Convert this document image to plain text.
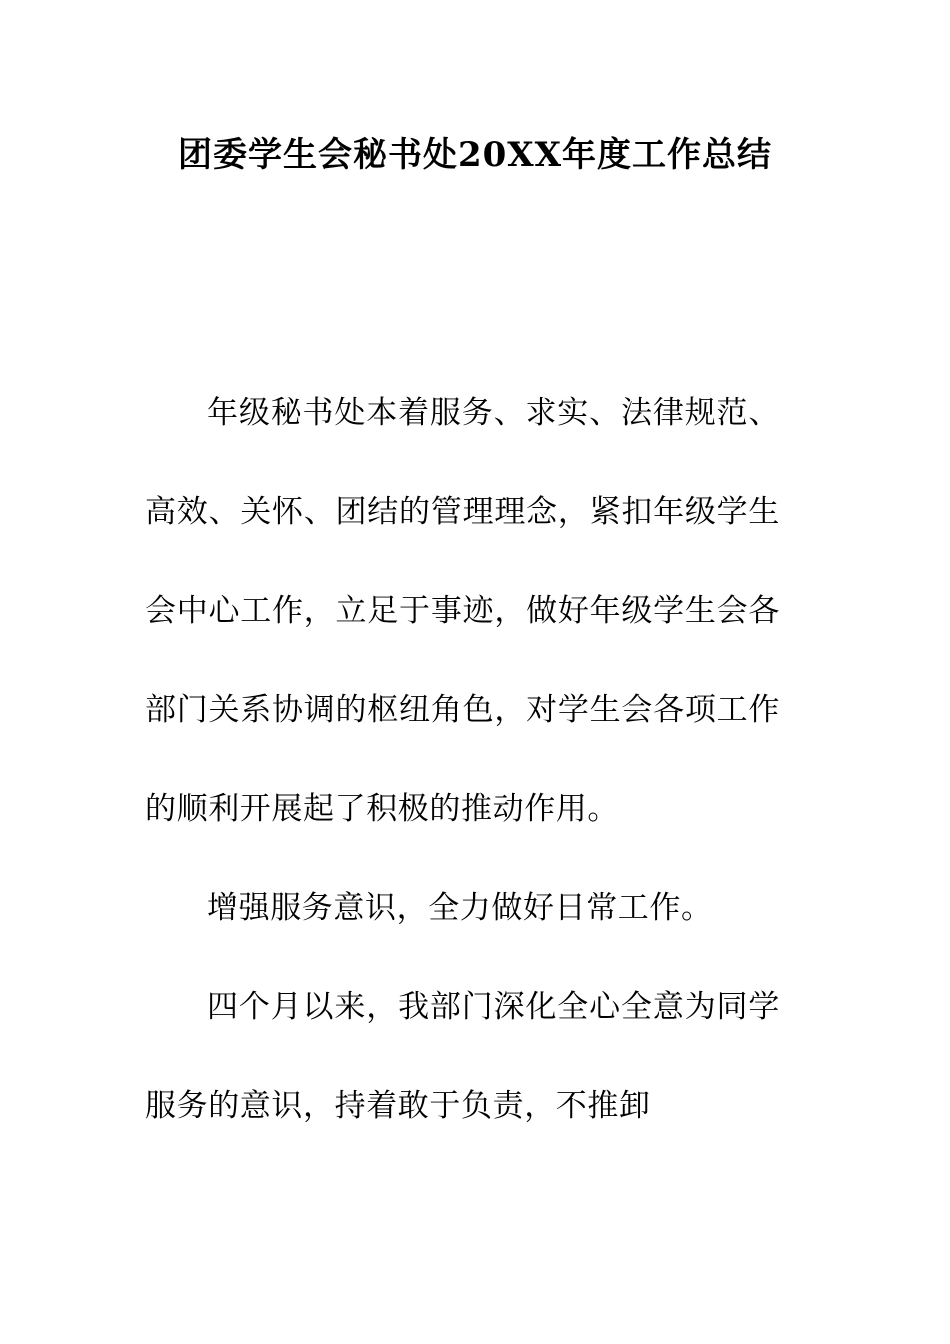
团委学生会秘书处20XX年度工作总结

年级秘书处本着服务、求实、法律规范、高效、关怀、团结的管理理念，紧扣年级学生会中心工作，立足于事迹，做好年级学生会各部门关系协调的枢纽角色，对学生会各项工作的顺利开展起了积极的推动作用。

增强服务意识，全力做好日常工作。

四个月以来，我部门深化全心全意为同学服务的意识，持着敢于负责，不推卸
